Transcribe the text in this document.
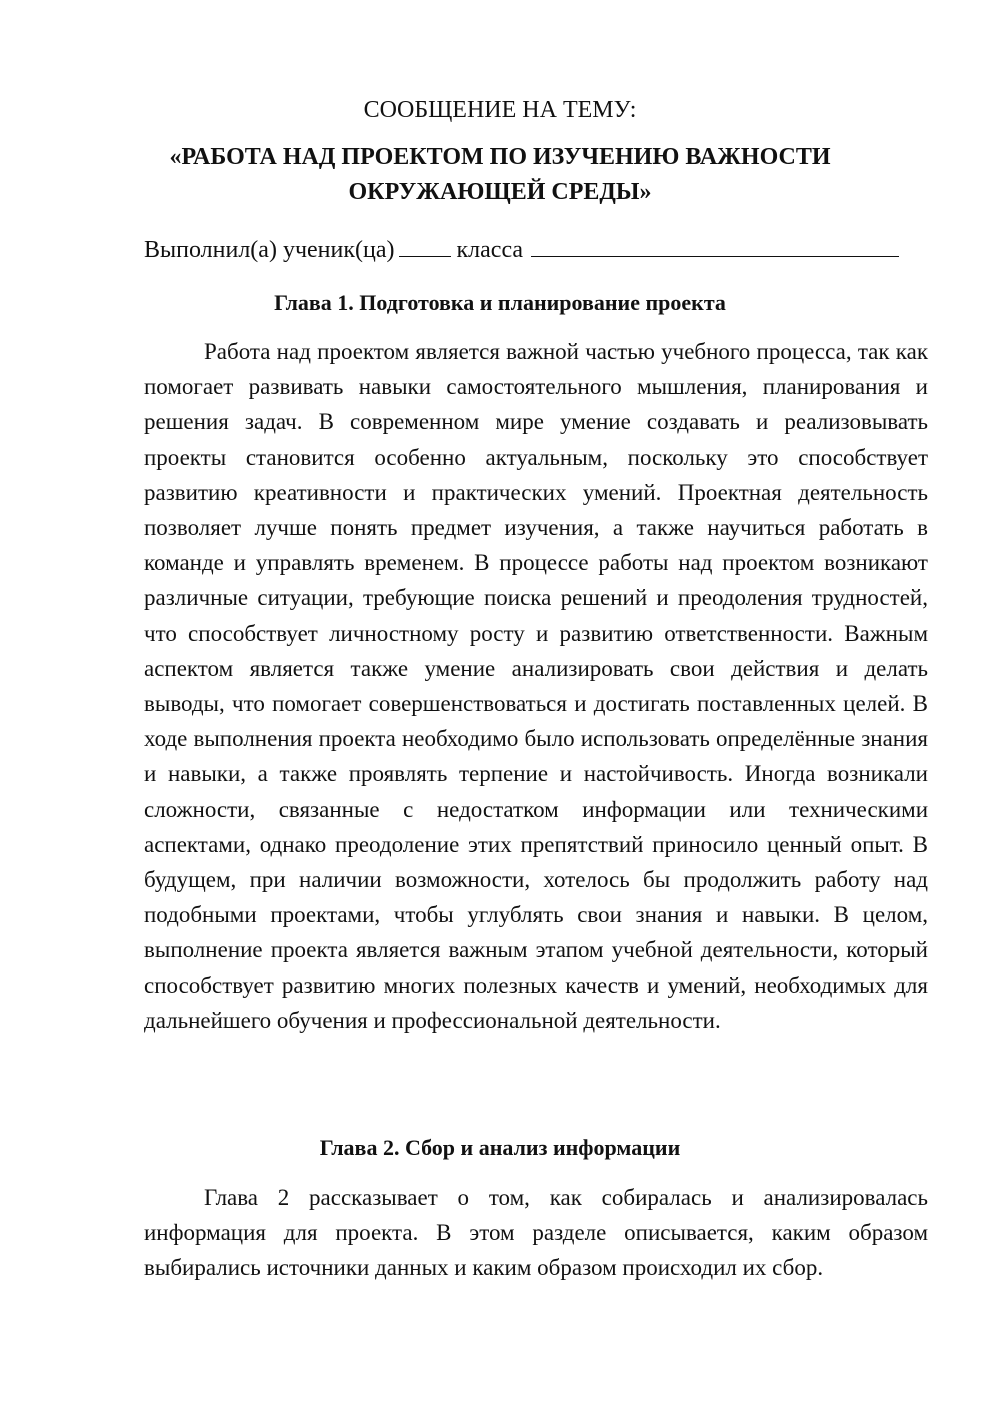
СООБЩЕНИЕ НА ТЕМУ:

«РАБОТА НАД ПРОЕКТОМ ПО ИЗУЧЕНИЮ ВАЖНОСТИ

ОКРУЖАЮЩЕЙ СРЕДЫ»

Выполнил(а) ученик(ца)	класса
Глава 1. Подготовка и планирование проекта

Работа над проектом является важной частью учебного процесса, так как помогает развивать навыки самостоятельного мышления, планирования и решения задач. В современном мире умение создавать и реализовывать проекты становится особенно актуальным, поскольку это способствует развитию креативности и практических умений. Проектная деятельность позволяет лучше понять предмет изучения, а также научиться работать в команде и управлять временем. В процессе работы над проектом возникают различные ситуации, требующие поиска решений и преодоления трудностей, что способствует личностному росту и развитию ответственности. Важным аспектом является также умение анализировать свои действия и делать выводы, что помогает совершенствоваться и достигать поставленных целей. В ходе выполнения проекта необходимо было использовать определённые знания и навыки, а также проявлять терпение и настойчивость. Иногда возникали сложности, связанные с недостатком информации или техническими аспектами, однако преодоление этих препятствий приносило ценный опыт. В будущем, при наличии возможности, хотелось бы продолжить работу над подобными проектами, чтобы углублять свои знания и навыки. В целом, выполнение проекта является важным этапом учебной деятельности, который способствует развитию многих полезных качеств и умений, необходимых для дальнейшего обучения и профессиональной деятельности.

Глава 2. Сбор и анализ информации

Глава 2 рассказывает о том, как собиралась и анализировалась информация для проекта. В этом разделе описывается, каким образом выбирались источники данных и каким образом происходил их сбор.
